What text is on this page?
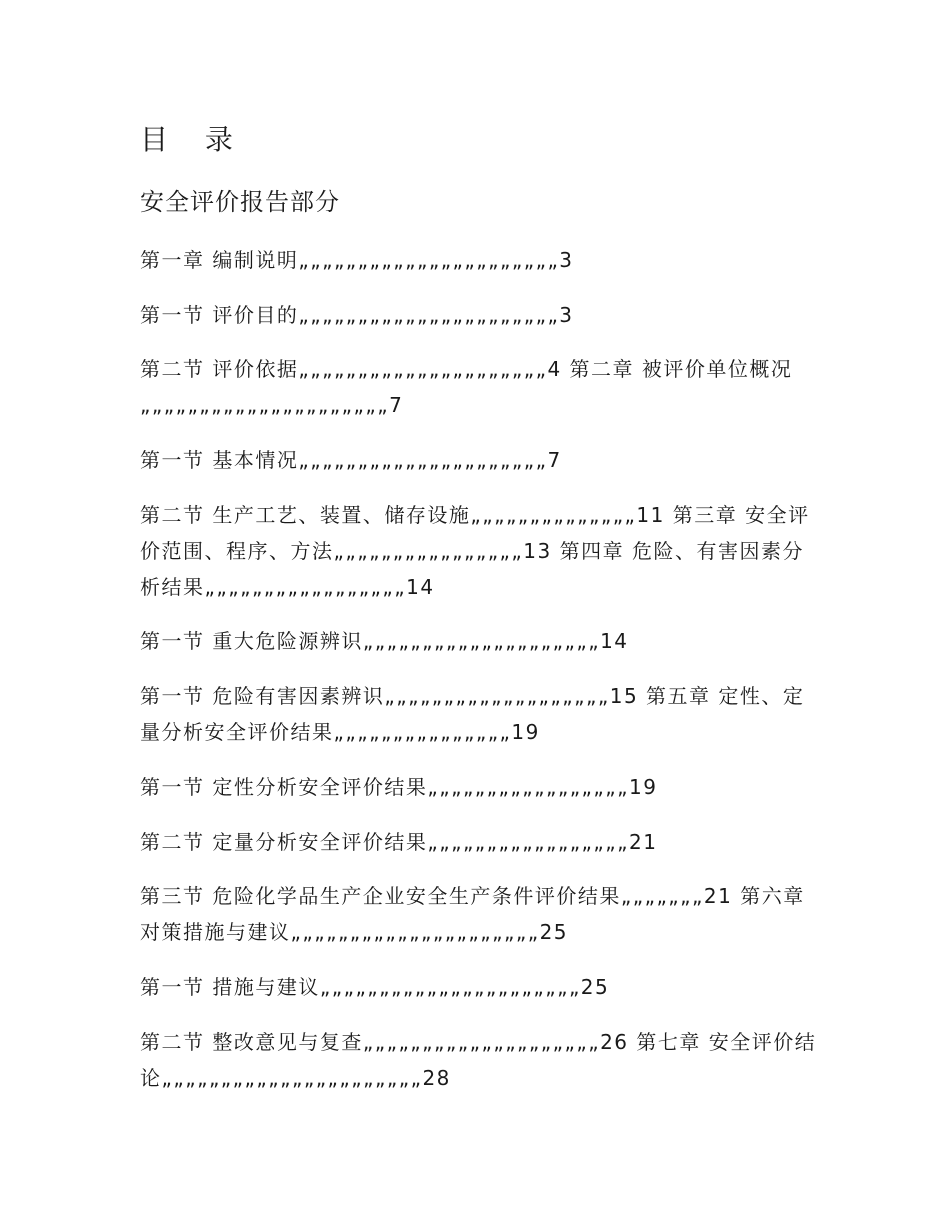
目 录
安全评价报告部分
第一章 编制说明„„„„„„„„„„„„„„„„„„„„„„3
第一节 评价目的„„„„„„„„„„„„„„„„„„„„„„3
第二节 评价依据„„„„„„„„„„„„„„„„„„„„„4 第二章 被评价单位概况„„„„„„„„„„„„„„„„„„„„„7
第一节 基本情况„„„„„„„„„„„„„„„„„„„„„7
第二节 生产工艺、装置、储存设施„„„„„„„„„„„„„„11 第三章 安全评价范围、程序、方法„„„„„„„„„„„„„„„„13 第四章 危险、有害因素分析结果„„„„„„„„„„„„„„„„„14
第一节 重大危险源辨识„„„„„„„„„„„„„„„„„„„„14
第一节 危险有害因素辨识„„„„„„„„„„„„„„„„„„„15 第五章 定性、定量分析安全评价结果„„„„„„„„„„„„„„„19
第一节 定性分析安全评价结果„„„„„„„„„„„„„„„„„19
第二节 定量分析安全评价结果„„„„„„„„„„„„„„„„„21
第三节 危险化学品生产企业安全生产条件评价结果„„„„„„„21 第六章 对策措施与建议„„„„„„„„„„„„„„„„„„„„„25
第一节 措施与建议„„„„„„„„„„„„„„„„„„„„„„25
第二节 整改意见与复查„„„„„„„„„„„„„„„„„„„„26 第七章 安全评价结论„„„„„„„„„„„„„„„„„„„„„„28
